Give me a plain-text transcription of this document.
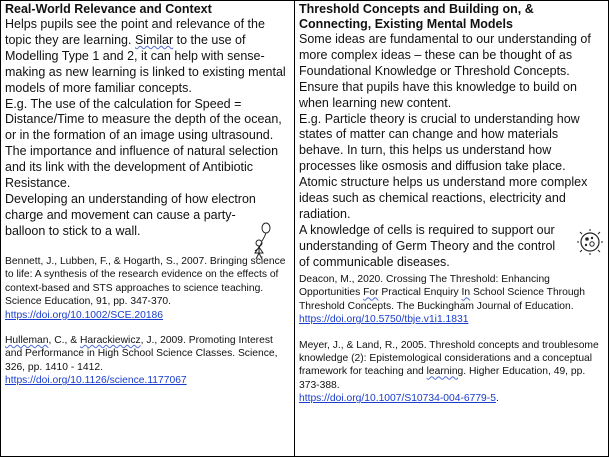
Real-World Relevance and Context

Helps pupils see the point and relevance of the topic they are learning. Similar to the use of Modelling Type 1 and 2, it can help with sense-making as new learning is linked to existing mental models of more familiar concepts.

E.g. The use of the calculation for Speed = Distance/Time to measure the depth of the ocean, or in the formation of an image using ultrasound.

The importance and influence of natural selection and its link with the development of Antibiotic Resistance.

Developing an understanding of how electron charge and movement can cause a party-balloon to stick to a wall.

Bennett, J., Lubben, F., & Hogarth, S., 2007. Bringing science to life: A synthesis of the research evidence on the effects of context-based and STS approaches to science teaching. Science Education, 91, pp. 347-370. https://doi.org/10.1002/SCE.20186

Hulleman, C., & Harackiewicz, J., 2009. Promoting Interest and Performance in High School Science Classes. Science, 326, pp. 1410 - 1412.
https://doi.org/10.1126/science.1177067

Threshold Concepts and Building on, & Connecting, Existing Mental Models

Some ideas are fundamental to our understanding of more complex ideas – these can be thought of as Foundational Knowledge or Threshold Concepts. Ensure that pupils have this knowledge to build on when learning new content.

E.g. Particle theory is crucial to understanding how states of matter can change and how materials behave. In turn, this helps us understand how processes like osmosis and diffusion take place. Atomic structure helps us understand more complex ideas such as chemical reactions, electricity and radiation.

A knowledge of cells is required to support our understanding of Germ Theory and the control of communicable diseases.

Deacon, M., 2020. Crossing The Threshold: Enhancing Opportunities For Practical Enquiry In School Science Through Threshold Concepts. The Buckingham Journal of Education. https://doi.org/10.5750/tbje.v1i1.1831

Meyer, J., & Land, R., 2005. Threshold concepts and troublesome knowledge (2): Epistemological considerations and a conceptual framework for teaching and learning. Higher Education, 49, pp. 373-388.
https://doi.org/10.1007/S10734-004-6779-5.
